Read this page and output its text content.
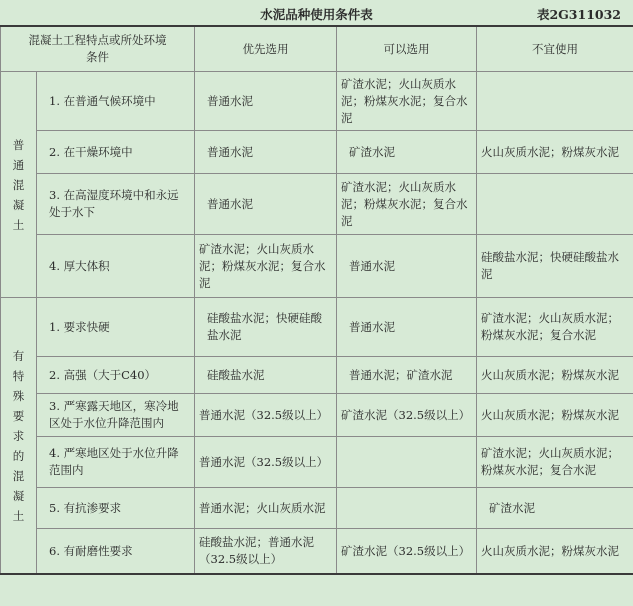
水泥品种使用条件表	表2G311032
混凝土工程特点或所处环境条件		优先选用	可以选用	不宜使用

普通混凝土	1. 在普通气候环境中	普通水泥	矿渣水泥；火山灰质水泥；粉煤灰水泥；复合水泥	
	2. 在干燥环境中	普通水泥	矿渣水泥	火山灰质水泥；粉煤灰水泥
	3. 在高湿度环境中和永远处于水下	普通水泥	矿渣水泥；火山灰质水泥；粉煤灰水泥；复合水泥	
	4. 厚大体积	矿渣水泥；火山灰质水泥；粉煤灰水泥；复合水泥	普通水泥	硅酸盐水泥；快硬硅酸盐水泥

有特殊要求的混凝土	1. 要求快硬	硅酸盐水泥；快硬硅酸盐水泥	普通水泥	矿渣水泥；火山灰质水泥；粉煤灰水泥；复合水泥
	2. 高强（大于C40）	硅酸盐水泥	普通水泥；矿渣水泥	火山灰质水泥；粉煤灰水泥
	3. 严寒露天地区，寒冷地区处于水位升降范围内	普通水泥（32.5级以上）	矿渣水泥（32.5级以上）	火山灰质水泥；粉煤灰水泥
	4. 严寒地区处于水位升降范围内	普通水泥（32.5级以上）		矿渣水泥；火山灰质水泥；粉煤灰水泥；复合水泥
	5. 有抗渗要求	普通水泥；火山灰质水泥		矿渣水泥
	6. 有耐磨性要求	硅酸盐水泥；普通水泥（32.5级以上）	矿渣水泥（32.5级以上）	火山灰质水泥；粉煤灰水泥
